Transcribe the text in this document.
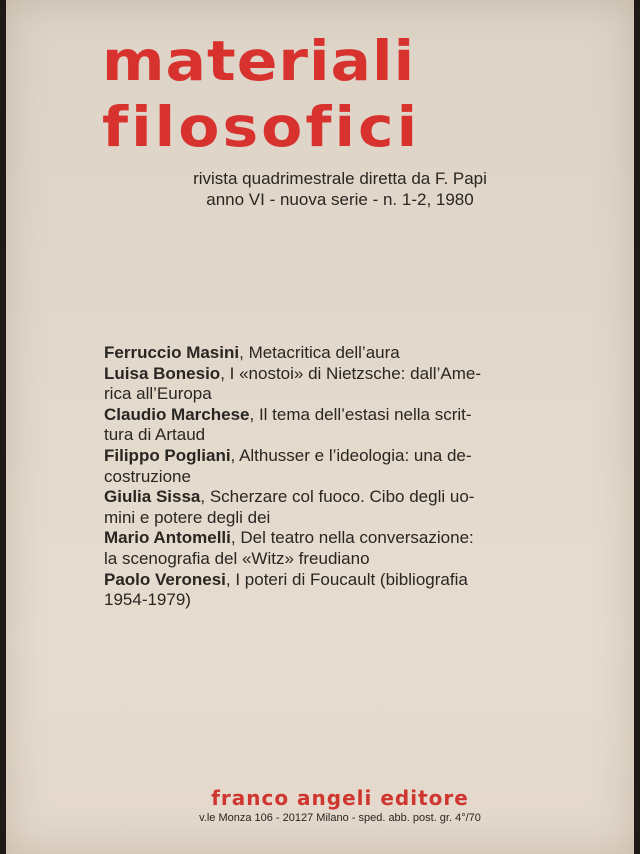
materiali
filosofici
rivista quadrimestrale diretta da F. Papi
anno VI - nuova serie - n. 1-2, 1980

Ferruccio Masini, Metacritica dell’aura

Luisa Bonesio, I «nostoi» di Nietzsche: dall’Ame-
rica all’Europa

Claudio Marchese, Il tema dell’estasi nella scrit-
tura di Artaud

Filippo Pogliani, Althusser e l’ideologia: una de-
costruzione

Giulia Sissa, Scherzare col fuoco. Cibo degli uo-
mini e potere degli dei

Mario Antomelli, Del teatro nella conversazione:
la scenografia del «Witz» freudiano

Paolo Veronesi, I poteri di Foucault (bibliografia
1954-1979)

franco angeli editore
v.le Monza 106 - 20127 Milano - sped. abb. post. gr. 4°/70
